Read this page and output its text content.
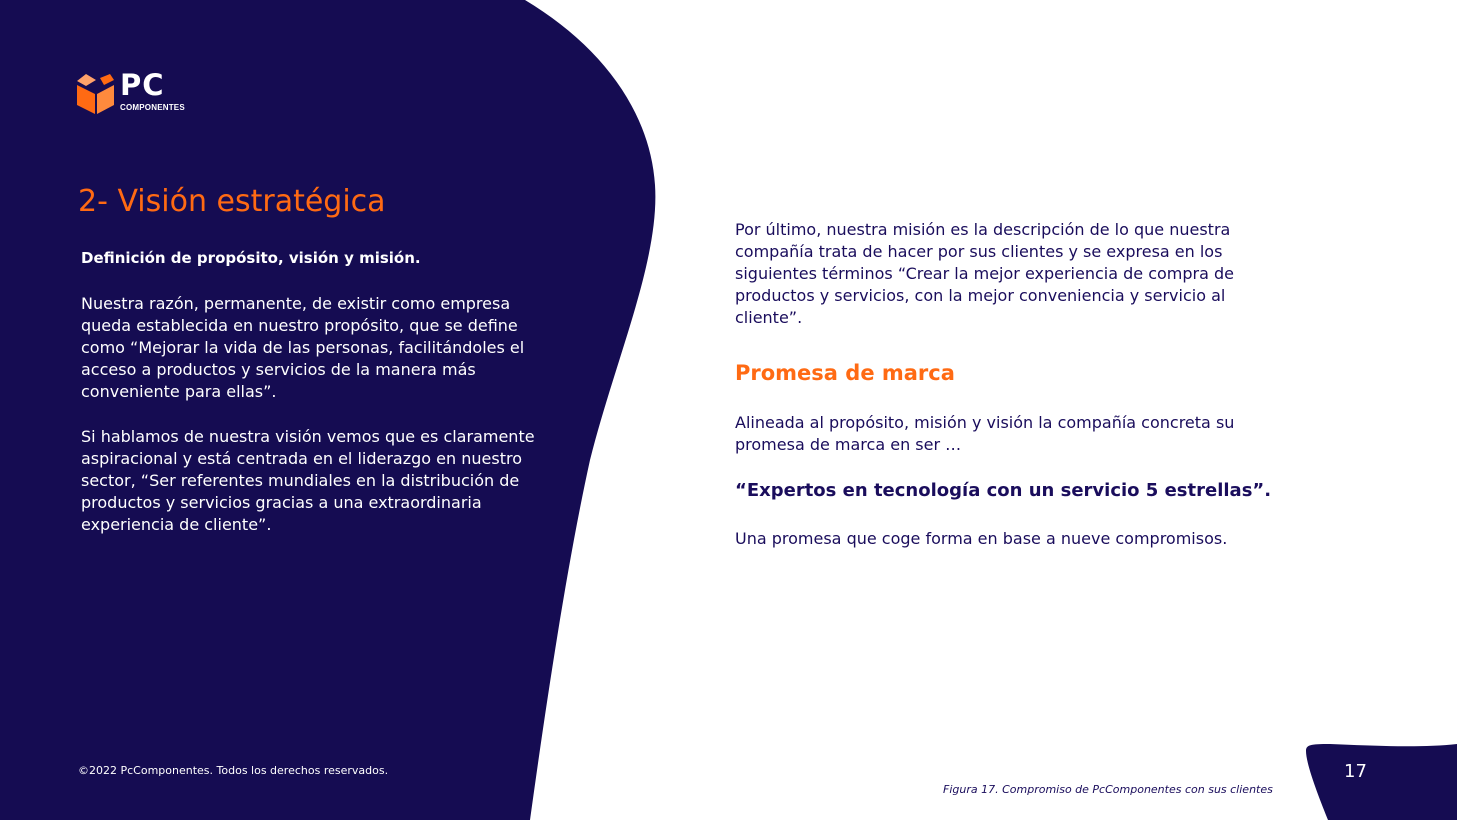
PC
COMPONENTES
2- Visión estratégica
Definición de propósito, visión y misión.

Nuestra razón, permanente, de existir como empresa queda establecida en nuestro propósito, que se define como “Mejorar la vida de las personas, facilitándoles el acceso a productos y servicios de la manera más conveniente para ellas”.

Si hablamos de nuestra visión vemos que es claramente aspiracional y está centrada en el liderazgo en nuestro sector, “Ser referentes mundiales en la distribución de productos y servicios gracias a una extraordinaria experiencia de cliente”.

©2022 PcComponentes. Todos los derechos reservados.

Por último, nuestra misión es la descripción de lo que nuestra compañía trata de hacer por sus clientes y se expresa en los siguientes términos “Crear la mejor experiencia de compra de productos y servicios, con la mejor conveniencia y servicio al cliente”.

Promesa de marca

Alineada al propósito, misión y visión la compañía concreta su promesa de marca en ser …

“Expertos en tecnología con un servicio 5 estrellas”.

Una promesa que coge forma en base a nueve compromisos.

Figura 17. Compromiso de PcComponentes con sus clientes
17
